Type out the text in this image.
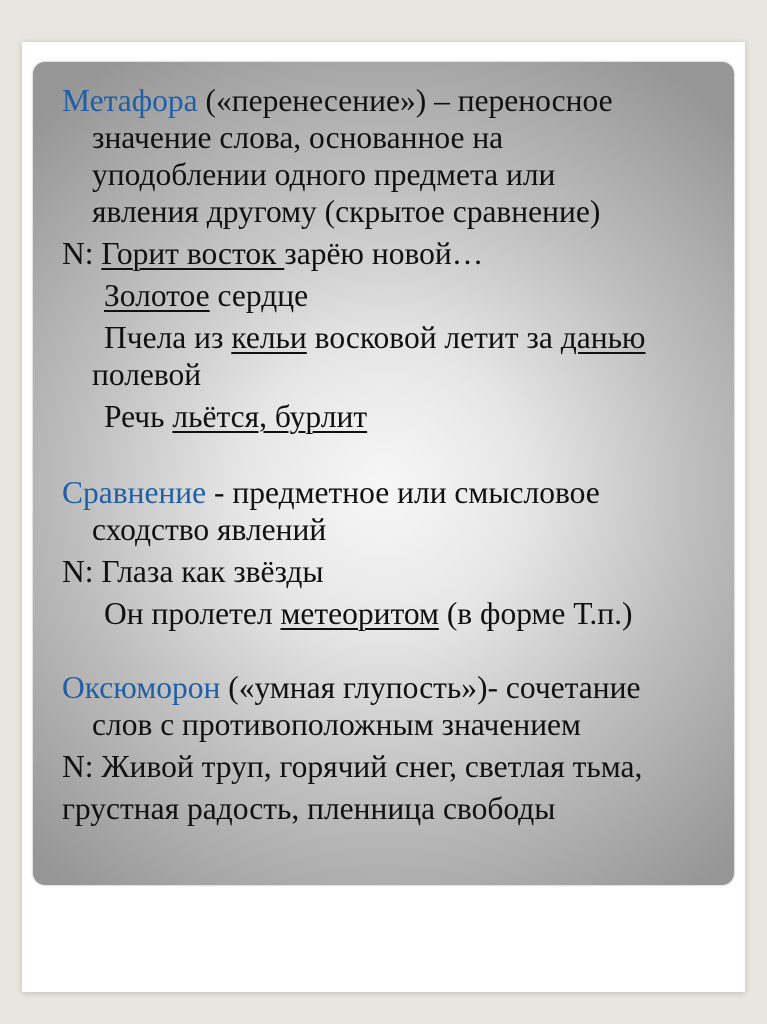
Метафора («перенесение») – переносное
значение слова, основанное на
уподоблении одного предмета или
явления другому (скрытое сравнение)
N: Горит восток зарёю новой…
Золотое сердце
Пчела из кельи восковой летит за данью
полевой
Речь льётся, бурлит
Сравнение - предметное или смысловое
сходство явлений
N: Глаза как звёзды
Он пролетел метеоритом (в форме Т.п.)
Оксюморон («умная глупость»)- сочетание
слов с противоположным значением
N: Живой труп, горячий снег, светлая тьма,
грустная радость, пленница свободы
